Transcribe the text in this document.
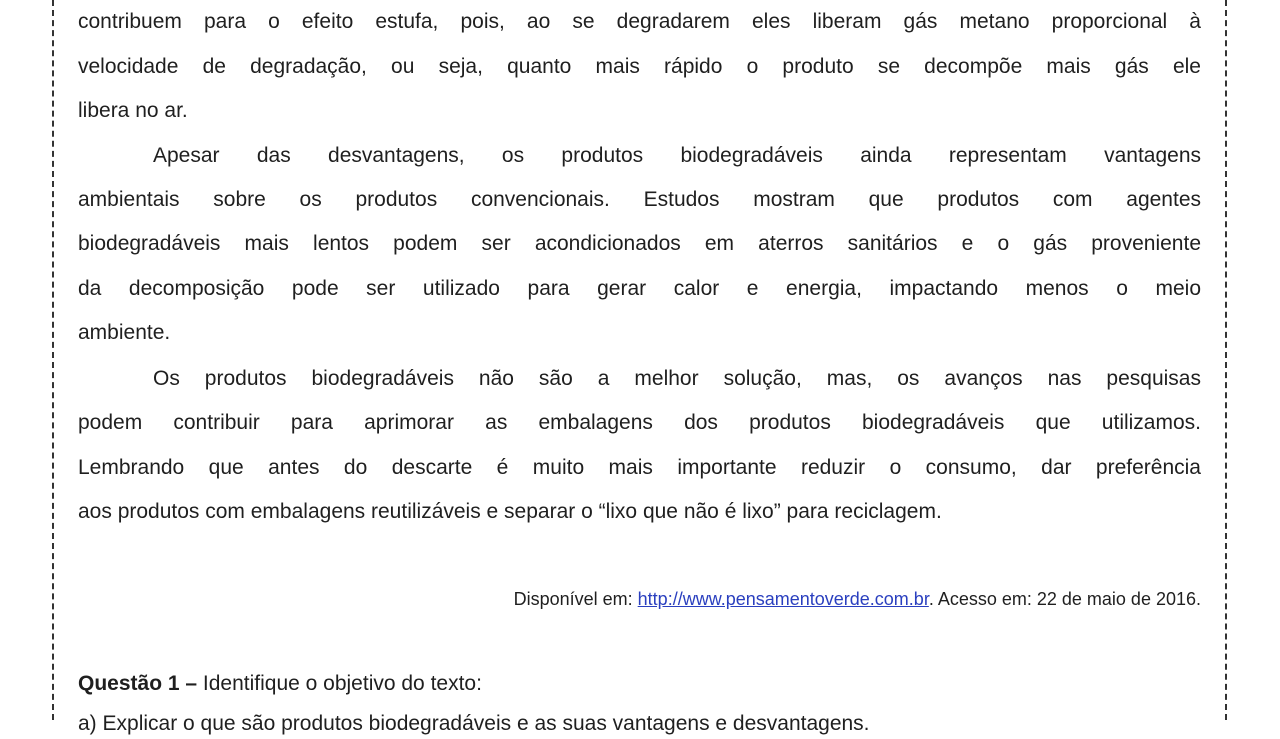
contribuem para o efeito estufa, pois, ao se degradarem eles liberam gás metano proporcional à
velocidade de degradação, ou seja, quanto mais rápido o produto se decompõe mais gás ele
libera no ar.
Apesar das desvantagens, os produtos biodegradáveis ainda representam vantagens
ambientais sobre os produtos convencionais. Estudos mostram que produtos com agentes
biodegradáveis mais lentos podem ser acondicionados em aterros sanitários e o gás proveniente
da decomposição pode ser utilizado para gerar calor e energia, impactando menos o meio
ambiente.
Os produtos biodegradáveis não são a melhor solução, mas, os avanços nas pesquisas
podem contribuir para aprimorar as embalagens dos produtos biodegradáveis que utilizamos.
Lembrando que antes do descarte é muito mais importante reduzir o consumo, dar preferência
aos produtos com embalagens reutilizáveis e separar o “lixo que não é lixo” para reciclagem.
Disponível em: http://www.pensamentoverde.com.br. Acesso em: 22 de maio de 2016.
Questão 1 – Identifique o objetivo do texto:
a) Explicar o que são produtos biodegradáveis e as suas vantagens e desvantagens.
